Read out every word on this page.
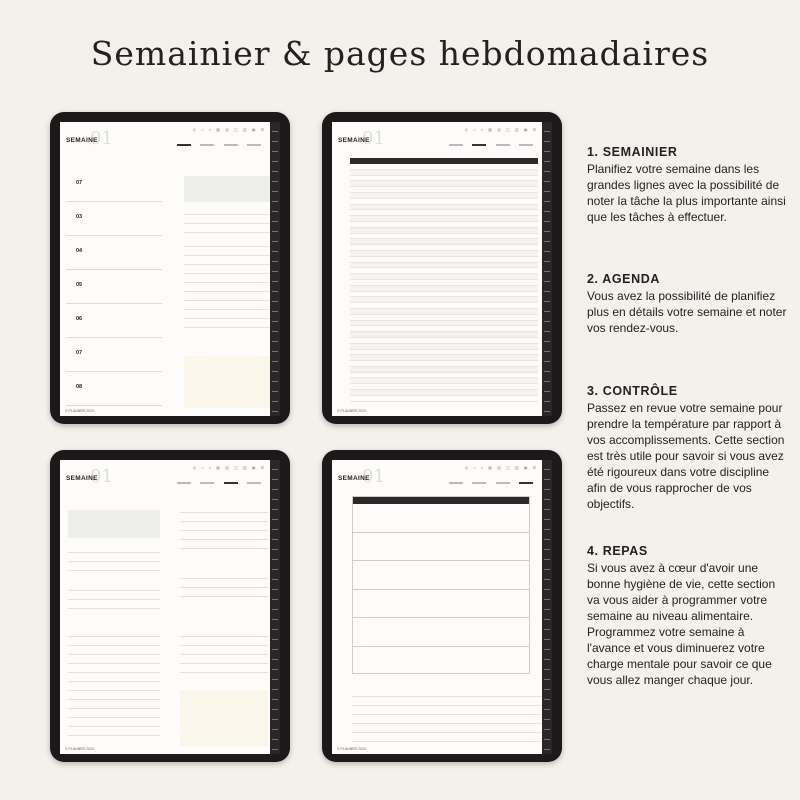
Semainier & pages hebdomadaires
01
SEMAINE
◎ ⌂ ⌕ ▦ ▤ ◫ ▥ ▣ ⊞
07
03
04
05
06
07
08
© PLANNER 2024
01
SEMAINE
◎ ⌂ ⌕ ▦ ▤ ◫ ▥ ▣ ⊞
© PLANNER 2024
01
SEMAINE
◎ ⌂ ⌕ ▦ ▤ ◫ ▥ ▣ ⊞
© PLANNER 2024
01
SEMAINE
◎ ⌂ ⌕ ▦ ▤ ◫ ▥ ▣ ⊞
© PLANNER 2024
1. SEMAINIER

Planifiez votre semaine dans les grandes lignes avec la possibilité de noter la tâche la plus importante ainsi que les tâches à effectuer.

2. AGENDA

Vous avez la possibilité de planifiez plus en détails votre semaine et noter vos rendez-vous.

3. CONTRÔLE

Passez en revue votre semaine pour prendre la température par rapport à vos accomplissements. Cette section est très utile pour savoir si vous avez été rigoureux dans votre discipline afin de vous rapprocher de vos objectifs.

4. REPAS

Si vous avez à cœur d'avoir une bonne hygiène de vie, cette section va vous aider à programmer votre semaine au niveau alimentaire. Programmez votre semaine à l'avance et vous diminuerez votre charge mentale pour savoir ce que vous allez manger chaque jour.
